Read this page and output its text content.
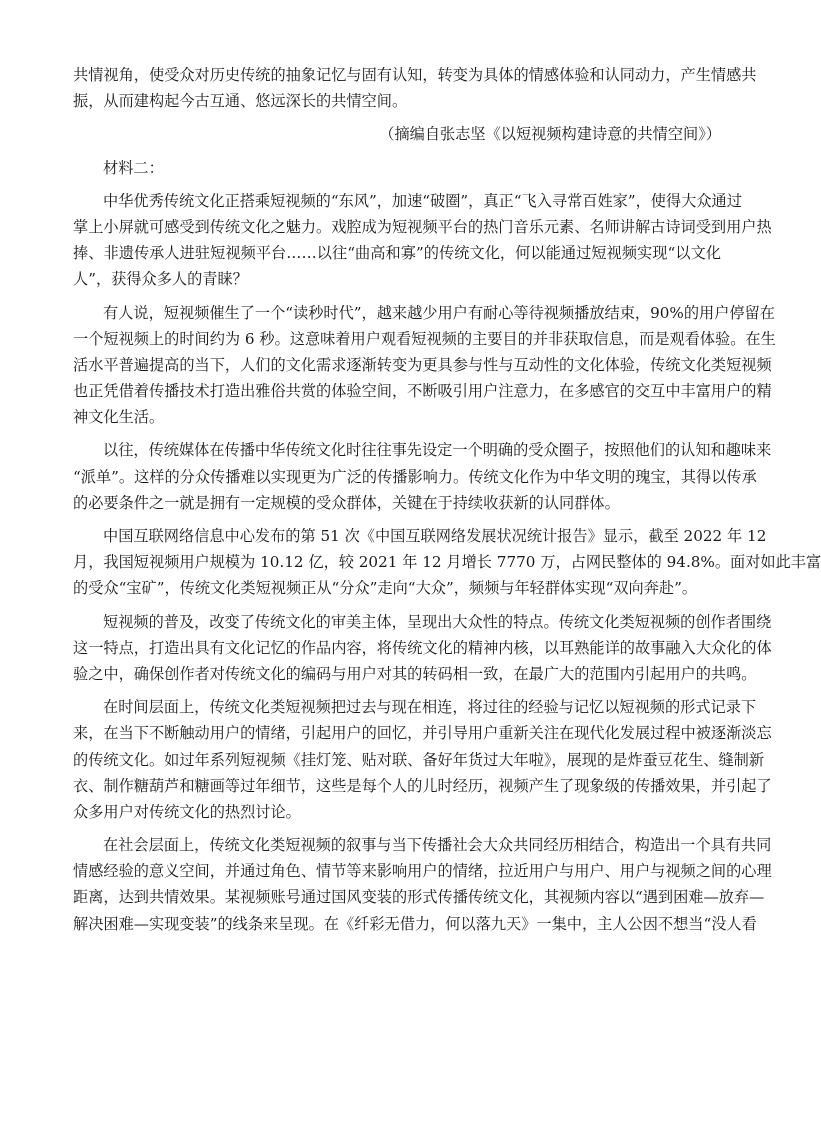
共情视角，使受众对历史传统的抽象记忆与固有认知，转变为具体的情感体验和认同动力，产生情感共
振，从而建构起今古互通、悠远深长的共情空间。
（摘编自张志坚《以短视频构建诗意的共情空间》）
材料二：
中华优秀传统文化正搭乘短视频的“东风”，加速“破圈”，真正“飞入寻常百姓家”，使得大众通过
掌上小屏就可感受到传统文化之魅力。戏腔成为短视频平台的热门音乐元素、名师讲解古诗词受到用户热
捧、非遗传承人进驻短视频平台……以往“曲高和寡”的传统文化，何以能通过短视频实现“以文化
人”，获得众多人的青睐？
有人说，短视频催生了一个“读秒时代”，越来越少用户有耐心等待视频播放结束，90%的用户停留在
一个短视频上的时间约为 6 秒。这意味着用户观看短视频的主要目的并非获取信息，而是观看体验。在生
活水平普遍提高的当下，人们的文化需求逐渐转变为更具参与性与互动性的文化体验，传统文化类短视频
也正凭借着传播技术打造出雅俗共赏的体验空间，不断吸引用户注意力，在多感官的交互中丰富用户的精
神文化生活。
以往，传统媒体在传播中华传统文化时往往事先设定一个明确的受众圈子，按照他们的认知和趣味来
“派单”。这样的分众传播难以实现更为广泛的传播影响力。传统文化作为中华文明的瑰宝，其得以传承
的必要条件之一就是拥有一定规模的受众群体，关键在于持续收获新的认同群体。
中国互联网络信息中心发布的第 51 次《中国互联网络发展状况统计报告》显示，截至 2022 年 12
月，我国短视频用户规模为 10.12 亿，较 2021 年 12 月增长 7770 万，占网民整体的 94.8%。面对如此丰富
的受众“宝矿”，传统文化类短视频正从“分众”走向“大众”，频频与年轻群体实现“双向奔赴”。
短视频的普及，改变了传统文化的审美主体，呈现出大众性的特点。传统文化类短视频的创作者围绕
这一特点，打造出具有文化记忆的作品内容，将传统文化的精神内核，以耳熟能详的故事融入大众化的体
验之中，确保创作者对传统文化的编码与用户对其的转码相一致，在最广大的范围内引起用户的共鸣。
在时间层面上，传统文化类短视频把过去与现在相连，将过往的经验与记忆以短视频的形式记录下
来，在当下不断触动用户的情绪，引起用户的回忆，并引导用户重新关注在现代化发展过程中被逐渐淡忘
的传统文化。如过年系列短视频《挂灯笼、贴对联、备好年货过大年啦》，展现的是炸蚕豆花生、缝制新
衣、制作糖葫芦和糖画等过年细节，这些是每个人的儿时经历，视频产生了现象级的传播效果，并引起了
众多用户对传统文化的热烈讨论。
在社会层面上，传统文化类短视频的叙事与当下传播社会大众共同经历相结合，构造出一个具有共同
情感经验的意义空间，并通过角色、情节等来影响用户的情绪，拉近用户与用户、用户与视频之间的心理
距离，达到共情效果。某视频账号通过国风变装的形式传播传统文化，其视频内容以“遇到困难—放弃—
解决困难—实现变装”的线条来呈现。在《纤彩无借力，何以落九天》一集中，主人公因不想当“没人看
